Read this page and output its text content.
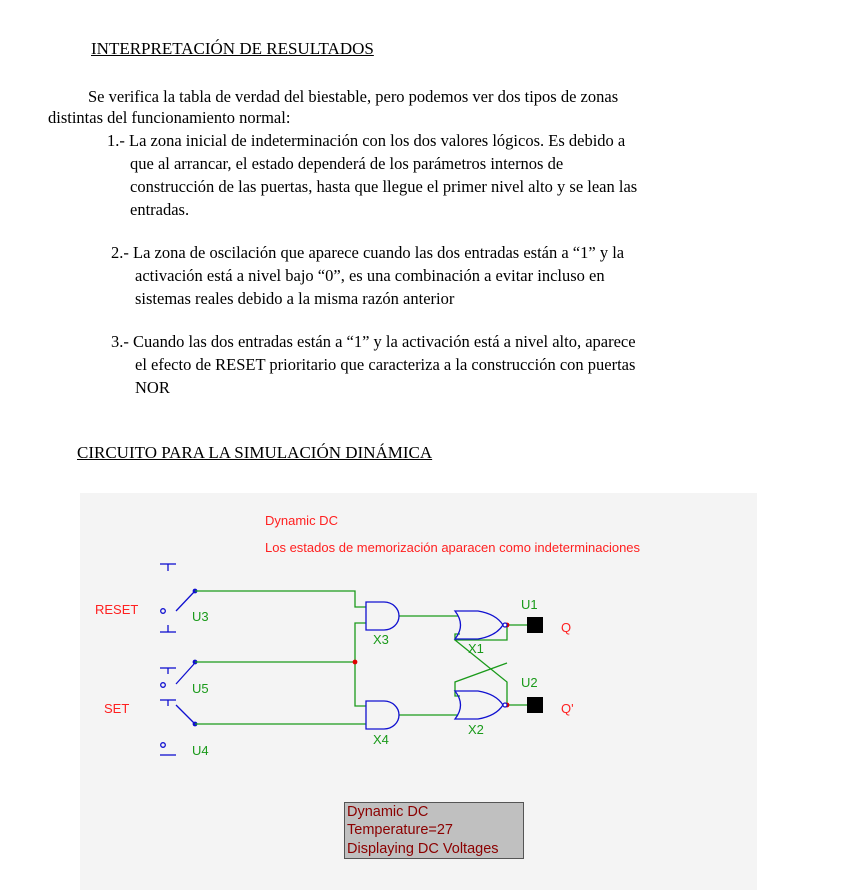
INTERPRETACIÓN DE RESULTADOS

Se verifica la tabla de verdad del biestable, pero podemos ver dos tipos de zonas

distintas del funcionamiento normal:

1.- La zona inicial de indeterminación con los dos valores lógicos. Es debido a
que al arrancar, el estado dependerá de los parámetros internos de
construcción de las puertas, hasta que llegue el primer nivel alto y se lean las
entradas.
2.- La zona de oscilación que aparece cuando las dos entradas están a “1” y la
activación está a nivel bajo “0”, es una combinación a evitar incluso en
sistemas reales debido a la misma razón anterior
3.- Cuando las dos entradas están a “1” y la activación está a nivel alto, aparece
el efecto de RESET prioritario que caracteriza a la construcción con puertas
NOR
CIRCUITO PARA LA SIMULACIÓN DINÁMICA
Dynamic DC
Los estados de memorización aparacen como indeterminaciones
RESET
SET
U3
U5
U4
X3
X4
X1
X2
U1
U2
Q
Q'
Dynamic DC
Temperature=27
Displaying DC Voltages
